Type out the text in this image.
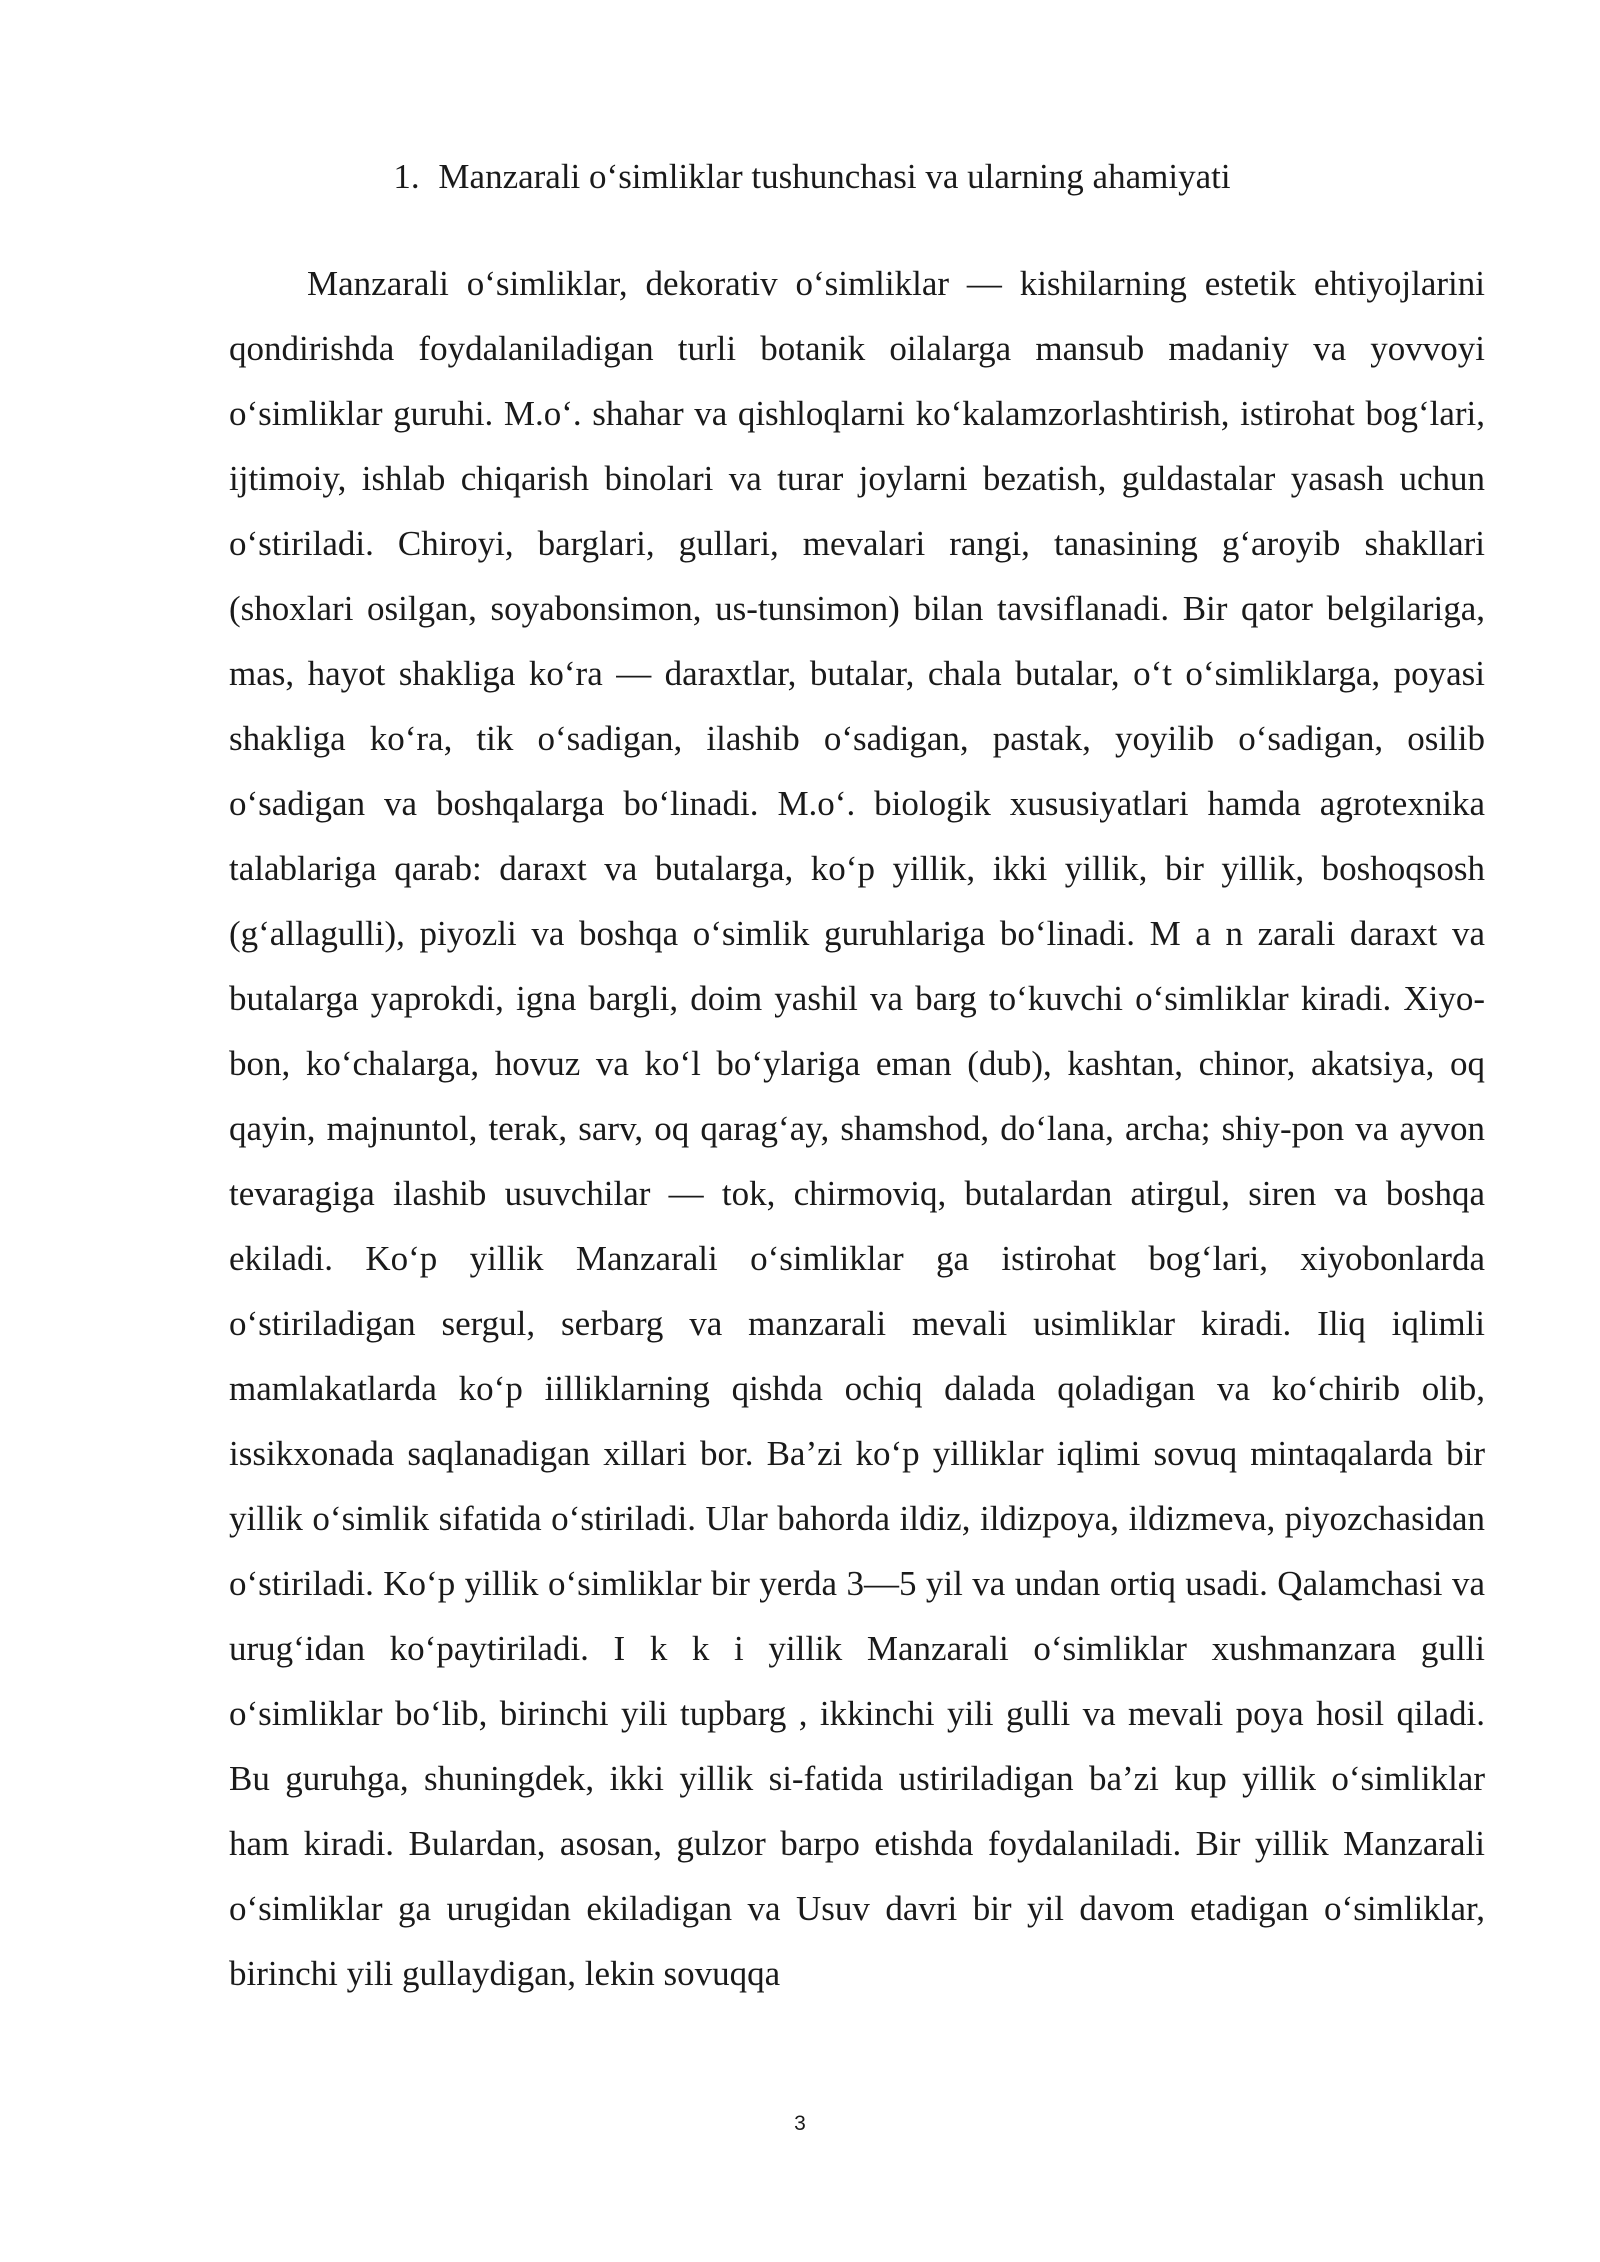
1. Manzarali o‘simliklar tushunchasi va ularning ahamiyati

Manzarali o‘simliklar, dekorativ o‘simliklar — kishilarning estetik ehtiyojlarini qondirishda foydalaniladigan turli botanik oilalarga mansub madaniy va yovvoyi o‘simliklar guruhi. M.o‘. shahar va qishloqlarni ko‘kalamzorlashtirish, istirohat bog‘lari, ijtimoiy, ishlab chiqarish binolari va turar joylarni bezatish, guldastalar yasash uchun o‘stiriladi. Chiroyi, barglari, gullari, mevalari rangi, tanasining g‘aroyib shakllari (shoxlari osilgan, soyabonsimon, us-tunsimon) bilan tavsiflanadi. Bir qator belgilariga, mas, hayot shakliga ko‘ra — daraxtlar, butalar, chala butalar, o‘t o‘simliklarga, poyasi shakliga ko‘ra, tik o‘sadigan, ilashib o‘sadigan, pastak, yoyilib o‘sadigan, osilib o‘sadigan va boshqalarga bo‘linadi. M.o‘. biologik xususiyatlari hamda agrotexnika talablariga qarab: daraxt va butalarga, ko‘p yillik, ikki yillik, bir yillik, boshoqsosh (g‘allagulli), piyozli va boshqa o‘simlik guruhlariga bo‘linadi. M a n zarali daraxt va butalarga yaprokdi, igna bargli, doim yashil va barg to‘kuvchi o‘simliklar kiradi. Xiyo-bon, ko‘chalarga, hovuz va ko‘l bo‘ylariga eman (dub), kashtan, chinor, akatsiya, oq qayin, majnuntol, terak, sarv, oq qarag‘ay, shamshod, do‘lana, archa; shiy-pon va ayvon tevaragiga ilashib usuvchilar — tok, chirmoviq, butalardan atirgul, siren va boshqa ekiladi. Ko‘p yillik Manzarali o‘simliklar ga istirohat bog‘lari, xiyobonlarda o‘stiriladigan sergul, serbarg va manzarali mevali usimliklar kiradi. Iliq iqlimli mamlakatlarda ko‘p iilliklarning qishda ochiq dalada qoladigan va ko‘chirib olib, issikxonada saqlanadigan xillari bor. Ba’zi ko‘p yilliklar iqlimi sovuq mintaqalarda bir yillik o‘simlik sifatida o‘stiriladi. Ular bahorda ildiz, ildizpoya, ildizmeva, piyozchasidan o‘stiriladi. Ko‘p yillik o‘simliklar bir yerda 3—5 yil va undan ortiq usadi. Qalamchasi va urug‘idan ko‘paytiriladi. I k k i yillik Manzarali o‘simliklar xushmanzara gulli o‘simliklar bo‘lib, birinchi yili tupbarg , ikkinchi yili gulli va mevali poya hosil qiladi. Bu guruhga, shuningdek, ikki yillik si-fatida ustiriladigan ba’zi kup yillik o‘simliklar ham kiradi. Bulardan, asosan, gulzor barpo etishda foydalaniladi. Bir yillik Manzarali o‘simliklar ga urugidan ekiladigan va Usuv davri bir yil davom etadigan o‘simliklar, birinchi yili gullaydigan, lekin sovuqqa

3
